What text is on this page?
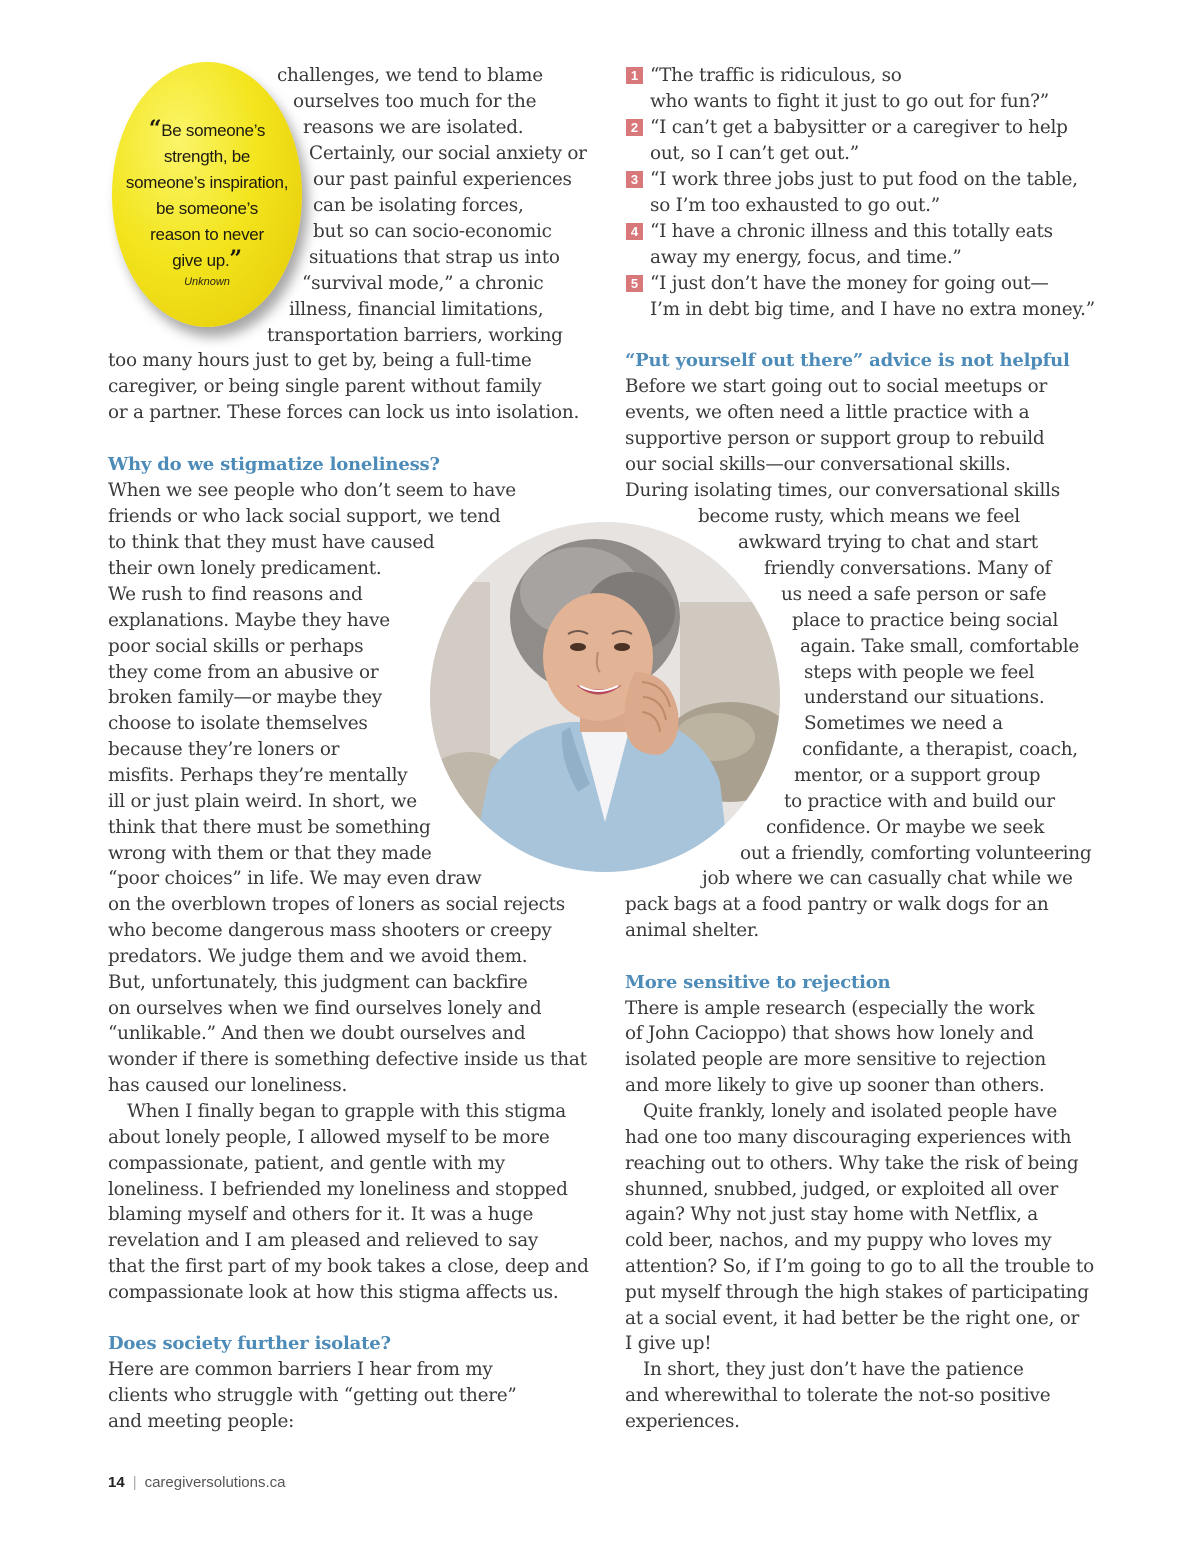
“Be someone’s
strength, be
someone’s inspiration,
be someone’s
reason to never
give up.”
Unknown
challenges, we tend to blame
ourselves too much for the
reasons we are isolated.
Certainly, our social anxiety or
our past painful experiences
can be isolating forces,
but so can socio-economic
situations that strap us into
“survival mode,” a chronic
illness, financial limitations,
transportation barriers, working
too many hours just to get by, being a full-time
caregiver, or being single parent without family
or a partner. These forces can lock us into isolation.
Why do we stigmatize loneliness?
When we see people who don’t seem to have
friends or who lack social support, we tend
to think that they must have caused
their own lonely predicament.
We rush to find reasons and
explanations. Maybe they have
poor social skills or perhaps
they come from an abusive or
broken family—or maybe they
choose to isolate themselves
because they’re loners or
misfits. Perhaps they’re mentally
ill or just plain weird. In short, we
think that there must be something
wrong with them or that they made
“poor choices” in life. We may even draw
on the overblown tropes of loners as social rejects
who become dangerous mass shooters or creepy
predators. We judge them and we avoid them.
But, unfortunately, this judgment can backfire
on ourselves when we find ourselves lonely and
“unlikable.” And then we doubt ourselves and
wonder if there is something defective inside us that
has caused our loneliness.
When I finally began to grapple with this stigma
about lonely people, I allowed myself to be more
compassionate, patient, and gentle with my
loneliness. I befriended my loneliness and stopped
blaming myself and others for it. It was a huge
revelation and I am pleased and relieved to say
that the first part of my book takes a close, deep and
compassionate look at how this stigma affects us.
Does society further isolate?
Here are common barriers I hear from my
clients who struggle with “getting out there”
and meeting people:
1 “The traffic is ridiculous, so
who wants to fight it just to go out for fun?”
2 “I can’t get a babysitter or a caregiver to help
out, so I can’t get out.”
3 “I work three jobs just to put food on the table,
so I’m too exhausted to go out.”
4 “I have a chronic illness and this totally eats
away my energy, focus, and time.”
5 “I just don’t have the money for going out—
I’m in debt big time, and I have no extra money.”
“Put yourself out there” advice is not helpful
Before we start going out to social meetups or
events, we often need a little practice with a
supportive person or support group to rebuild
our social skills—our conversational skills.
During isolating times, our conversational skills
become rusty, which means we feel
awkward trying to chat and start
friendly conversations. Many of
us need a safe person or safe
place to practice being social
again. Take small, comfortable
steps with people we feel
understand our situations.
Sometimes we need a
confidante, a therapist, coach,
mentor, or a support group
to practice with and build our
confidence. Or maybe we seek
out a friendly, comforting volunteering
job where we can casually chat while we
pack bags at a food pantry or walk dogs for an
animal shelter.
More sensitive to rejection
There is ample research (especially the work
of John Cacioppo) that shows how lonely and
isolated people are more sensitive to rejection
and more likely to give up sooner than others.
Quite frankly, lonely and isolated people have
had one too many discouraging experiences with
reaching out to others. Why take the risk of being
shunned, snubbed, judged, or exploited all over
again? Why not just stay home with Netflix, a
cold beer, nachos, and my puppy who loves my
attention? So, if I’m going to go to all the trouble to
put myself through the high stakes of participating
at a social event, it had better be the right one, or
I give up!
In short, they just don’t have the patience
and wherewithal to tolerate the not-so positive
experiences.
14 | caregiversolutions.ca
